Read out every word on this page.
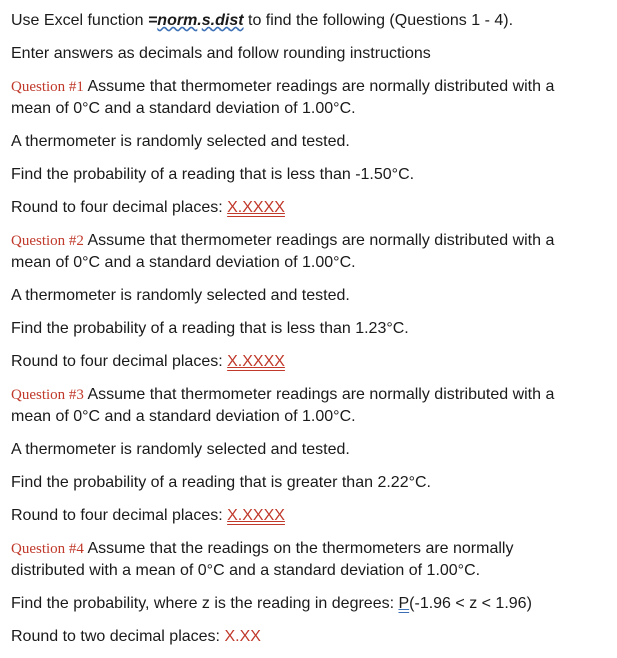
Use Excel function =norm.s.dist to find the following (Questions 1 - 4).

Enter answers as decimals and follow rounding instructions

Question #1 Assume that thermometer readings are normally distributed with a
mean of 0°C and a standard deviation of 1.00°C.

A thermometer is randomly selected and tested.

Find the probability of a reading that is less than -1.50°C.

Round to four decimal places: X.XXXX

Question #2 Assume that thermometer readings are normally distributed with a
mean of 0°C and a standard deviation of 1.00°C.

A thermometer is randomly selected and tested.

Find the probability of a reading that is less than 1.23°C.

Round to four decimal places: X.XXXX

Question #3 Assume that thermometer readings are normally distributed with a
mean of 0°C and a standard deviation of 1.00°C.

A thermometer is randomly selected and tested.

Find the probability of a reading that is greater than 2.22°C.

Round to four decimal places: X.XXXX

Question #4 Assume that the readings on the thermometers are normally
distributed with a mean of 0°C and a standard deviation of 1.00°C.

Find the probability, where z is the reading in degrees: P(-1.96 < z < 1.96)

Round to two decimal places: X.XX
